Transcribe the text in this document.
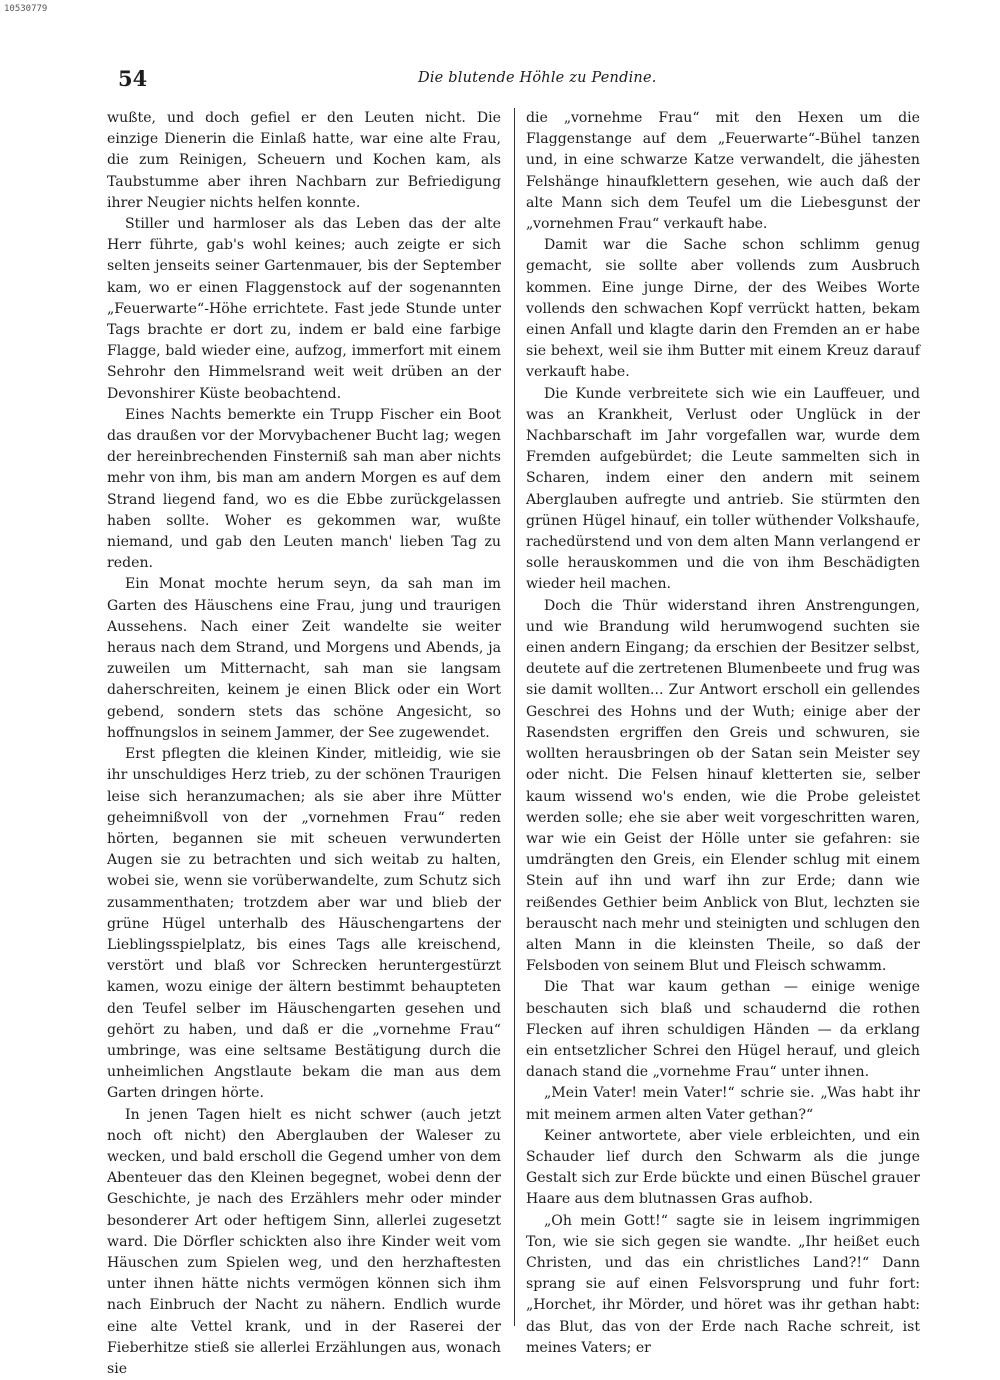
10530779
54	Die blutende Höhle zu Pendine.

wußte, und doch gefiel er den Leuten nicht. Die einzige Dienerin die Einlaß hatte, war eine alte Frau, die zum Reinigen, Scheuern und Kochen kam, als Taubstumme aber ihren Nachbarn zur Befriedigung ihrer Neugier nichts helfen konnte.

Stiller und harmloser als das Leben das der alte Herr führte, gab's wohl keines; auch zeigte er sich selten jenseits seiner Gartenmauer, bis der September kam, wo er einen Flaggenstock auf der sogenannten „Feuerwarte“-Höhe errichtete. Fast jede Stunde unter Tags brachte er dort zu, indem er bald eine farbige Flagge, bald wieder eine, aufzog, immerfort mit einem Sehrohr den Himmelsrand weit weit drüben an der Devonshirer Küste beobachtend.

Eines Nachts bemerkte ein Trupp Fischer ein Boot das draußen vor der Morvybachener Bucht lag; wegen der hereinbrechenden Finsterniß sah man aber nichts mehr von ihm, bis man am andern Morgen es auf dem Strand liegend fand, wo es die Ebbe zurückgelassen haben sollte. Woher es gekommen war, wußte niemand, und gab den Leuten manch' lieben Tag zu reden.

Ein Monat mochte herum seyn, da sah man im Garten des Häuschens eine Frau, jung und traurigen Aussehens. Nach einer Zeit wandelte sie weiter heraus nach dem Strand, und Morgens und Abends, ja zuweilen um Mitternacht, sah man sie langsam daherschreiten, keinem je einen Blick oder ein Wort gebend, sondern stets das schöne Angesicht, so hoffnungslos in seinem Jammer, der See zugewendet.

Erst pflegten die kleinen Kinder, mitleidig, wie sie ihr unschuldiges Herz trieb, zu der schönen Traurigen leise sich heranzumachen; als sie aber ihre Mütter geheimnißvoll von der „vornehmen Frau“ reden hörten, begannen sie mit scheuen verwunderten Augen sie zu betrachten und sich weitab zu halten, wobei sie, wenn sie vorüberwandelte, zum Schutz sich zusammenthaten; trotzdem aber war und blieb der grüne Hügel unterhalb des Häuschengartens der Lieblingsspielplatz, bis eines Tags alle kreischend, verstört und blaß vor Schrecken heruntergestürzt kamen, wozu einige der ältern bestimmt behaupteten den Teufel selber im Häuschengarten gesehen und gehört zu haben, und daß er die „vornehme Frau“ umbringe, was eine seltsame Bestätigung durch die unheimlichen Angstlaute bekam die man aus dem Garten dringen hörte.

In jenen Tagen hielt es nicht schwer (auch jetzt noch oft nicht) den Aberglauben der Waleser zu wecken, und bald erscholl die Gegend umher von dem Abenteuer das den Kleinen begegnet, wobei denn der Geschichte, je nach des Erzählers mehr oder minder besonderer Art oder heftigem Sinn, allerlei zugesetzt ward. Die Dörfler schickten also ihre Kinder weit vom Häuschen zum Spielen weg, und den herzhaftesten unter ihnen hätte nichts vermögen können sich ihm nach Einbruch der Nacht zu nähern. Endlich wurde eine alte Vettel krank, und in der Raserei der Fieberhitze stieß sie allerlei Erzählungen aus, wonach sie

die „vornehme Frau“ mit den Hexen um die Flaggenstange auf dem „Feuerwarte“-Bühel tanzen und, in eine schwarze Katze verwandelt, die jähesten Felshänge hinaufklettern gesehen, wie auch daß der alte Mann sich dem Teufel um die Liebesgunst der „vornehmen Frau“ verkauft habe.

Damit war die Sache schon schlimm genug gemacht, sie sollte aber vollends zum Ausbruch kommen. Eine junge Dirne, der des Weibes Worte vollends den schwachen Kopf verrückt hatten, bekam einen Anfall und klagte darin den Fremden an er habe sie behext, weil sie ihm Butter mit einem Kreuz darauf verkauft habe.

Die Kunde verbreitete sich wie ein Lauffeuer, und was an Krankheit, Verlust oder Unglück in der Nachbarschaft im Jahr vorgefallen war, wurde dem Fremden aufgebürdet; die Leute sammelten sich in Scharen, indem einer den andern mit seinem Aberglauben aufregte und antrieb. Sie stürmten den grünen Hügel hinauf, ein toller wüthender Volkshaufe, rachedürstend und von dem alten Mann verlangend er solle herauskommen und die von ihm Beschädigten wieder heil machen.

Doch die Thür widerstand ihren Anstrengungen, und wie Brandung wild herumwogend suchten sie einen andern Eingang; da erschien der Besitzer selbst, deutete auf die zertretenen Blumenbeete und frug was sie damit wollten... Zur Antwort erscholl ein gellendes Geschrei des Hohns und der Wuth; einige aber der Rasendsten ergriffen den Greis und schwuren, sie wollten herausbringen ob der Satan sein Meister sey oder nicht. Die Felsen hinauf kletterten sie, selber kaum wissend wo's enden, wie die Probe geleistet werden solle; ehe sie aber weit vorgeschritten waren, war wie ein Geist der Hölle unter sie gefahren: sie umdrängten den Greis, ein Elender schlug mit einem Stein auf ihn und warf ihn zur Erde; dann wie reißendes Gethier beim Anblick von Blut, lechzten sie berauscht nach mehr und steinigten und schlugen den alten Mann in die kleinsten Theile, so daß der Felsboden von seinem Blut und Fleisch schwamm.

Die That war kaum gethan — einige wenige beschauten sich blaß und schaudernd die rothen Flecken auf ihren schuldigen Händen — da erklang ein entsetzlicher Schrei den Hügel herauf, und gleich danach stand die „vornehme Frau“ unter ihnen.

„Mein Vater! mein Vater!“ schrie sie. „Was habt ihr mit meinem armen alten Vater gethan?“

Keiner antwortete, aber viele erbleichten, und ein Schauder lief durch den Schwarm als die junge Gestalt sich zur Erde bückte und einen Büschel grauer Haare aus dem blutnassen Gras aufhob.

„Oh mein Gott!“ sagte sie in leisem ingrimmigen Ton, wie sie sich gegen sie wandte. „Ihr heißet euch Christen, und das ein christliches Land?!“ Dann sprang sie auf einen Felsvorsprung und fuhr fort: „Horchet, ihr Mörder, und höret was ihr gethan habt: das Blut, das von der Erde nach Rache schreit, ist meines Vaters; er
